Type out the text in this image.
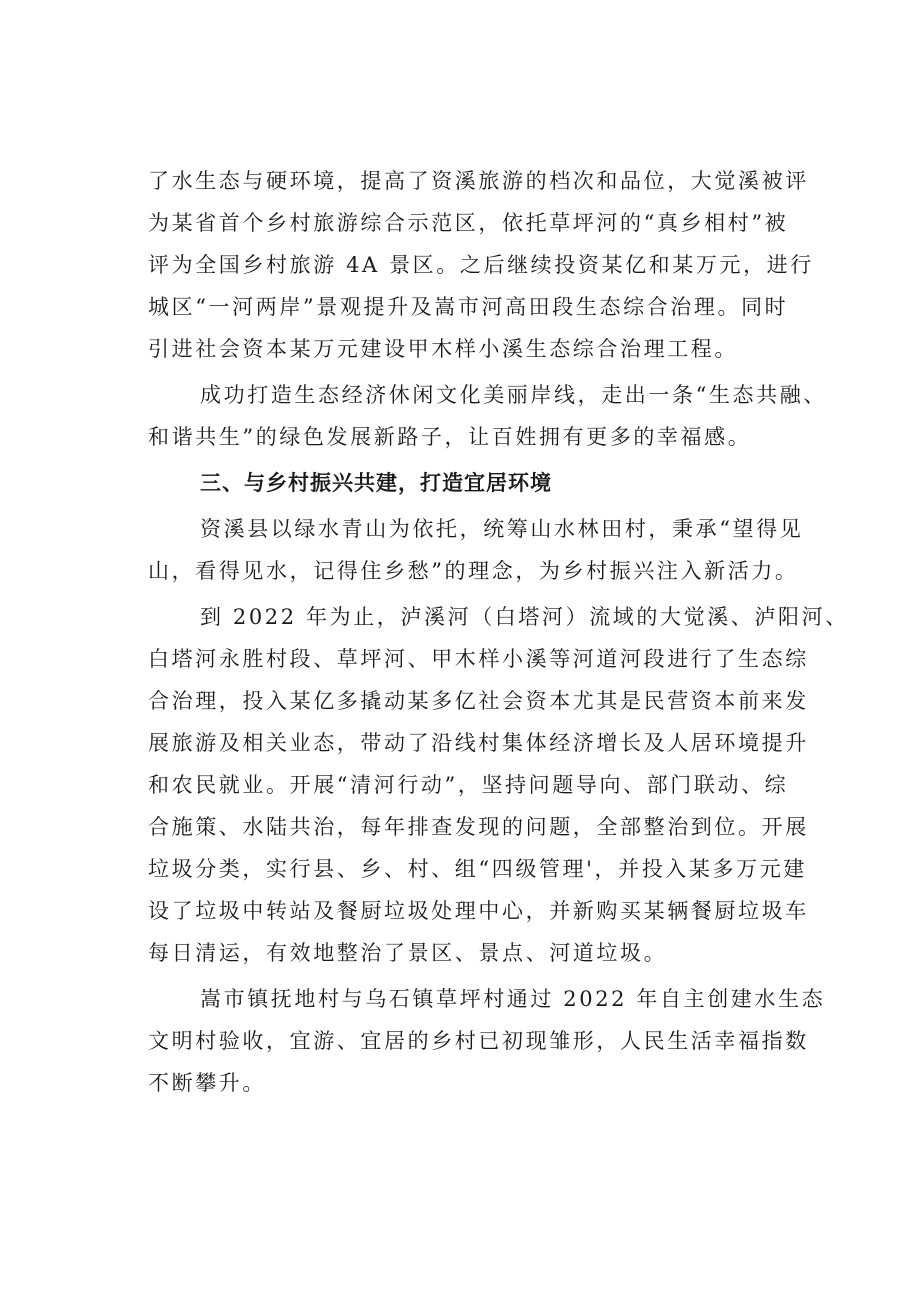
了水生态与硬环境，提高了资溪旅游的档次和品位，大觉溪被评
为某省首个乡村旅游综合示范区，依托草坪河的“真乡相村”被
评为全国乡村旅游 4A 景区。之后继续投资某亿和某万元，进行
城区“一河两岸”景观提升及嵩市河高田段生态综合治理。同时
引进社会资本某万元建设甲木样小溪生态综合治理工程。
成功打造生态经济休闲文化美丽岸线，走出一条“生态共融、
和谐共生”的绿色发展新路子，让百姓拥有更多的幸福感。
三、与乡村振兴共建，打造宜居环境
资溪县以绿水青山为依托，统筹山水林田村，秉承“望得见
山，看得见水，记得住乡愁”的理念，为乡村振兴注入新活力。
到 2022 年为止，泸溪河（白塔河）流域的大觉溪、泸阳河、
白塔河永胜村段、草坪河、甲木样小溪等河道河段进行了生态综
合治理，投入某亿多撬动某多亿社会资本尤其是民营资本前来发
展旅游及相关业态，带动了沿线村集体经济增长及人居环境提升
和农民就业。开展“清河行动”，坚持问题导向、部门联动、综
合施策、水陆共治，每年排查发现的问题，全部整治到位。开展
垃圾分类，实行县、乡、村、组“四级管理'，并投入某多万元建
设了垃圾中转站及餐厨垃圾处理中心，并新购买某辆餐厨垃圾车
每日清运，有效地整治了景区、景点、河道垃圾。
嵩市镇抚地村与乌石镇草坪村通过 2022 年自主创建水生态
文明村验收，宜游、宜居的乡村已初现雏形，人民生活幸福指数
不断攀升。
